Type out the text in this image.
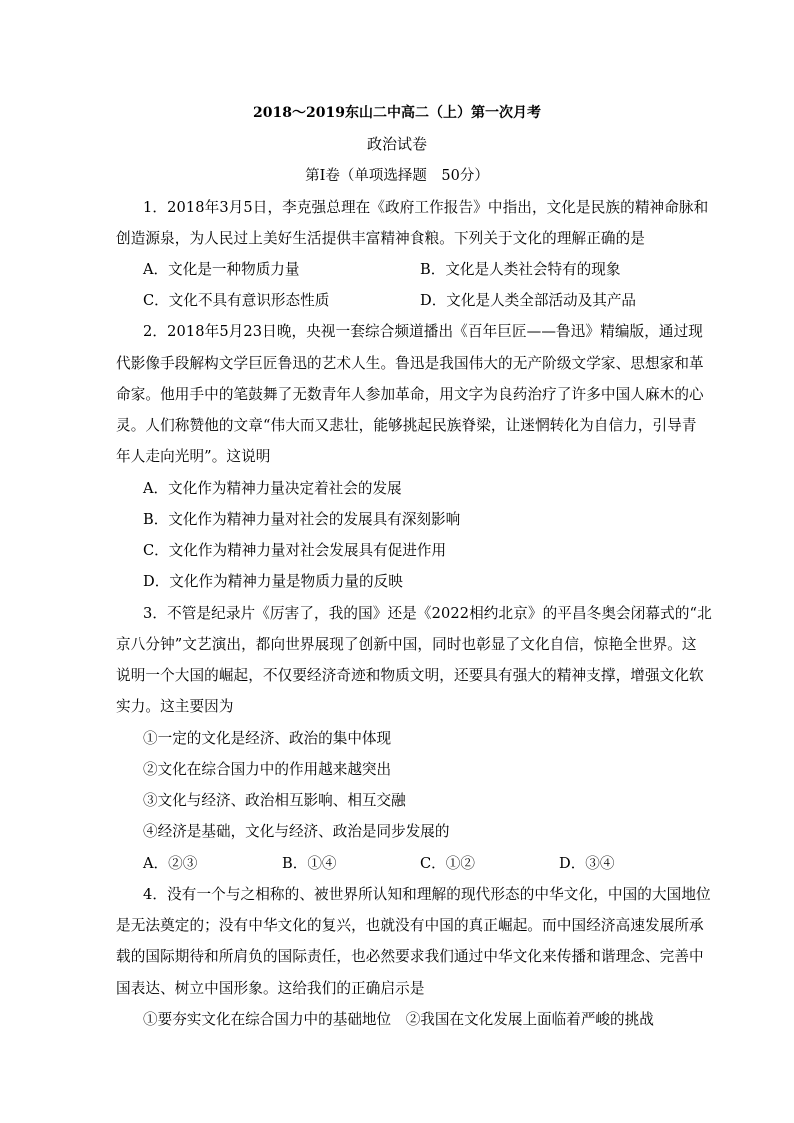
2018～2019东山二中高二（上）第一次月考
政治试卷
第Ⅰ卷（单项选择题　50分）
1．2018年3月5日，李克强总理在《政府工作报告》中指出，文化是民族的精神命脉和
创造源泉，为人民过上美好生活提供丰富精神食粮。下列关于文化的理解正确的是
A．文化是一种物质力量	B．文化是人类社会特有的现象
C．文化不具有意识形态性质	D．文化是人类全部活动及其产品
2．2018年5月23日晚，央视一套综合频道播出《百年巨匠——鲁迅》精编版，通过现
代影像手段解构文学巨匠鲁迅的艺术人生。鲁迅是我国伟大的无产阶级文学家、思想家和革
命家。他用手中的笔鼓舞了无数青年人参加革命，用文字为良药治疗了许多中国人麻木的心
灵。人们称赞他的文章“伟大而又悲壮，能够挑起民族脊梁，让迷惘转化为自信力，引导青
年人走向光明”。这说明
A．文化作为精神力量决定着社会的发展
B．文化作为精神力量对社会的发展具有深刻影响
C．文化作为精神力量对社会发展具有促进作用
D．文化作为精神力量是物质力量的反映
3．不管是纪录片《厉害了，我的国》还是《2022相约北京》的平昌冬奥会闭幕式的“北
京八分钟”文艺演出，都向世界展现了创新中国，同时也彰显了文化自信，惊艳全世界。这
说明一个大国的崛起，不仅要经济奇迹和物质文明，还要具有强大的精神支撑，增强文化软
实力。这主要因为
①一定的文化是经济、政治的集中体现
②文化在综合国力中的作用越来越突出
③文化与经济、政治相互影响、相互交融
④经济是基础，文化与经济、政治是同步发展的
A．②③	B．①④	C．①②	D．③④
4．没有一个与之相称的、被世界所认知和理解的现代形态的中华文化，中国的大国地位
是无法奠定的；没有中华文化的复兴，也就没有中国的真正崛起。而中国经济高速发展所承
载的国际期待和所肩负的国际责任，也必然要求我们通过中华文化来传播和谐理念、完善中
国表达、树立中国形象。这给我们的正确启示是
①要夯实文化在综合国力中的基础地位　②我国在文化发展上面临着严峻的挑战
